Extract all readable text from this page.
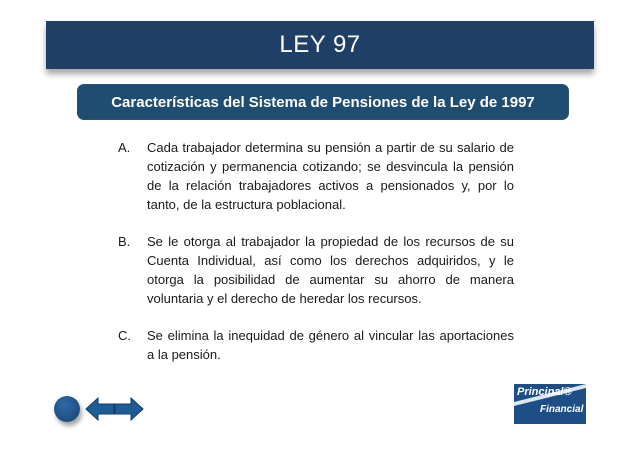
LEY 97
Características del Sistema de Pensiones de la Ley de 1997
A.	Cada trabajador determina su pensión a partir de su salario de cotización y permanencia cotizando; se desvincula la pensión de la relación trabajadores activos a pensionados y, por lo tanto, de la estructura poblacional.
B.	Se le otorga al trabajador la propiedad de los recursos de su Cuenta Individual, así como los derechos adquiridos, y le otorga la posibilidad de aumentar su ahorro de manera voluntaria y el derecho de heredar los recursos.
C.	Se elimina la inequidad de género al vincular las aportaciones a la pensión.
Principal®
Financial
